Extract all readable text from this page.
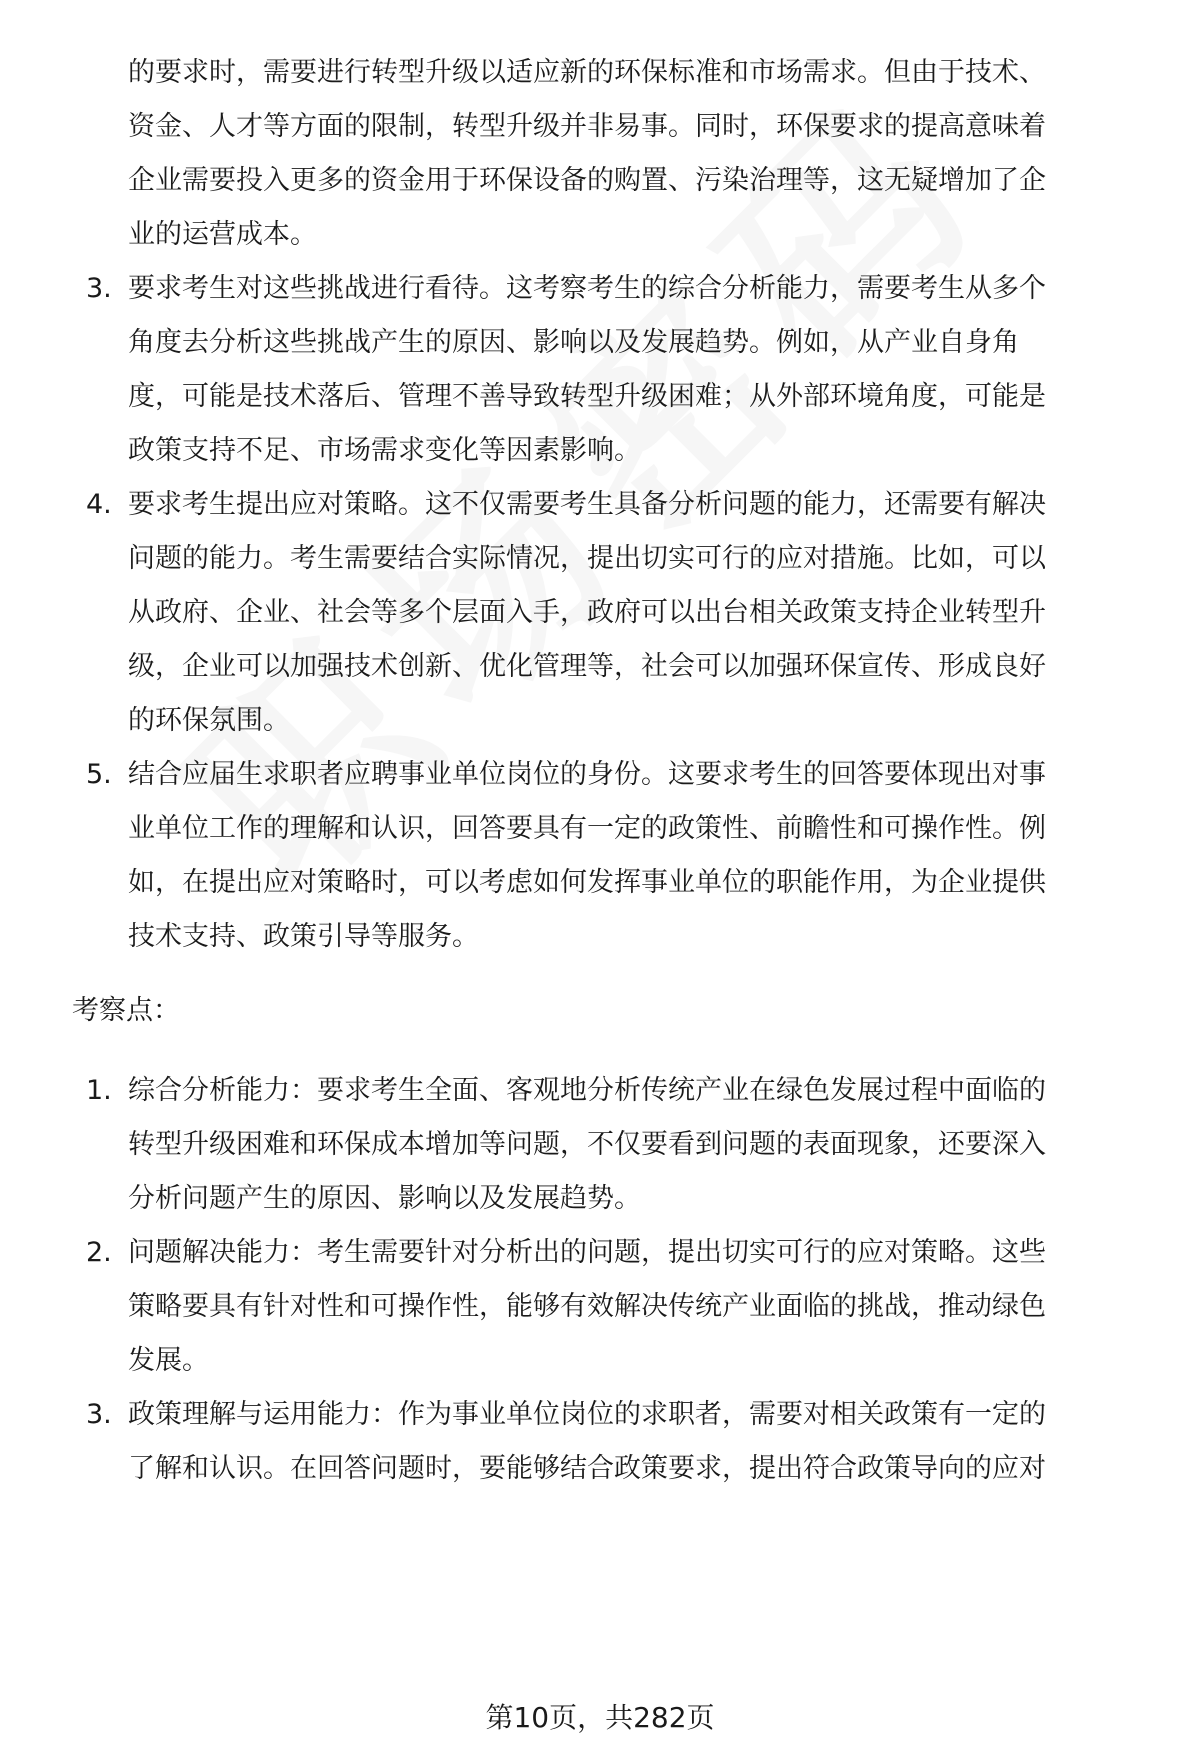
的要求时，需要进行转型升级以适应新的环保标准和市场需求。但由于技术、
资金、人才等方面的限制，转型升级并非易事。同时，环保要求的提高意味着
企业需要投入更多的资金用于环保设备的购置、污染治理等，这无疑增加了企
业的运营成本。
3. 要求考生对这些挑战进行看待。这考察考生的综合分析能力，需要考生从多个
角度去分析这些挑战产生的原因、影响以及发展趋势。例如，从产业自身角
度，可能是技术落后、管理不善导致转型升级困难；从外部环境角度，可能是
政策支持不足、市场需求变化等因素影响。
4. 要求考生提出应对策略。这不仅需要考生具备分析问题的能力，还需要有解决
问题的能力。考生需要结合实际情况，提出切实可行的应对措施。比如，可以
从政府、企业、社会等多个层面入手，政府可以出台相关政策支持企业转型升
级，企业可以加强技术创新、优化管理等，社会可以加强环保宣传、形成良好
的环保氛围。
5. 结合应届生求职者应聘事业单位岗位的身份。这要求考生的回答要体现出对事
业单位工作的理解和认识，回答要具有一定的政策性、前瞻性和可操作性。例
如，在提出应对策略时，可以考虑如何发挥事业单位的职能作用，为企业提供
技术支持、政策引导等服务。
考察点：
1. 综合分析能力：要求考生全面、客观地分析传统产业在绿色发展过程中面临的
转型升级困难和环保成本增加等问题，不仅要看到问题的表面现象，还要深入
分析问题产生的原因、影响以及发展趋势。
2. 问题解决能力：考生需要针对分析出的问题，提出切实可行的应对策略。这些
策略要具有针对性和可操作性，能够有效解决传统产业面临的挑战，推动绿色
发展。
3. 政策理解与运用能力：作为事业单位岗位的求职者，需要对相关政策有一定的
了解和认识。在回答问题时，要能够结合政策要求，提出符合政策导向的应对
第10页，共282页
